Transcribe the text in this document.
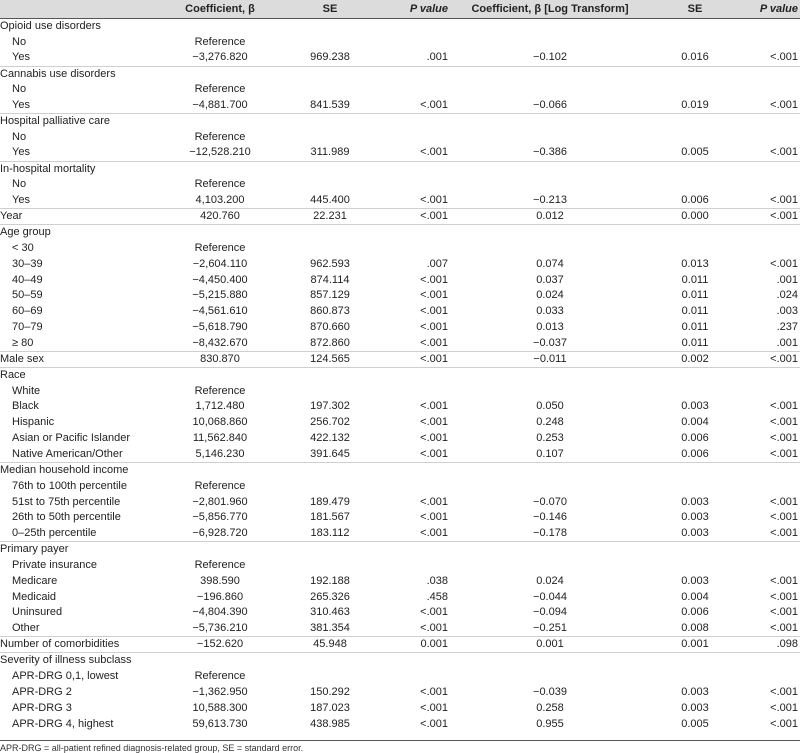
	Coefficient, β	SE	P value	Coefficient, β [Log Transform]	SE	P value
Opioid use disorders						
No	Reference					
Yes	−3,276.820	969.238	.001	−0.102	0.016	<.001
Cannabis use disorders						
No	Reference					
Yes	−4,881.700	841.539	<.001	−0.066	0.019	<.001
Hospital palliative care						
No	Reference					
Yes	−12,528.210	311.989	<.001	−0.386	0.005	<.001
In-hospital mortality						
No	Reference					
Yes	4,103.200	445.400	<.001	−0.213	0.006	<.001
Year	420.760	22.231	<.001	0.012	0.000	<.001
Age group						
< 30	Reference					
30–39	−2,604.110	962.593	.007	0.074	0.013	<.001
40–49	−4,450.400	874.114	<.001	0.037	0.011	.001
50–59	−5,215.880	857.129	<.001	0.024	0.011	.024
60–69	−4,561.610	860.873	<.001	0.033	0.011	.003
70–79	−5,618.790	870.660	<.001	0.013	0.011	.237
≥ 80	−8,432.670	872.860	<.001	−0.037	0.011	.001
Male sex	830.870	124.565	<.001	−0.011	0.002	<.001
Race						
White	Reference					
Black	1,712.480	197.302	<.001	0.050	0.003	<.001
Hispanic	10,068.860	256.702	<.001	0.248	0.004	<.001
Asian or Pacific Islander	11,562.840	422.132	<.001	0.253	0.006	<.001
Native American/Other	5,146.230	391.645	<.001	0.107	0.006	<.001
Median household income						
76th to 100th percentile	Reference					
51st to 75th percentile	−2,801.960	189.479	<.001	−0.070	0.003	<.001
26th to 50th percentile	−5,856.770	181.567	<.001	−0.146	0.003	<.001
0–25th percentile	−6,928.720	183.112	<.001	−0.178	0.003	<.001
Primary payer						
Private insurance	Reference					
Medicare	398.590	192.188	.038	0.024	0.003	<.001
Medicaid	−196.860	265.326	.458	−0.044	0.004	<.001
Uninsured	−4,804.390	310.463	<.001	−0.094	0.006	<.001
Other	−5,736.210	381.354	<.001	−0.251	0.008	<.001
Number of comorbidities	−152.620	45.948	0.001	0.001	0.001	.098
Severity of illness subclass						
APR-DRG 0,1, lowest	Reference					
APR-DRG 2	−1,362.950	150.292	<.001	−0.039	0.003	<.001
APR-DRG 3	10,588.300	187.023	<.001	0.258	0.003	<.001
APR-DRG 4, highest	59,613.730	438.985	<.001	0.955	0.005	<.001
APR-DRG = all-patient refined diagnosis-related group, SE = standard error.
